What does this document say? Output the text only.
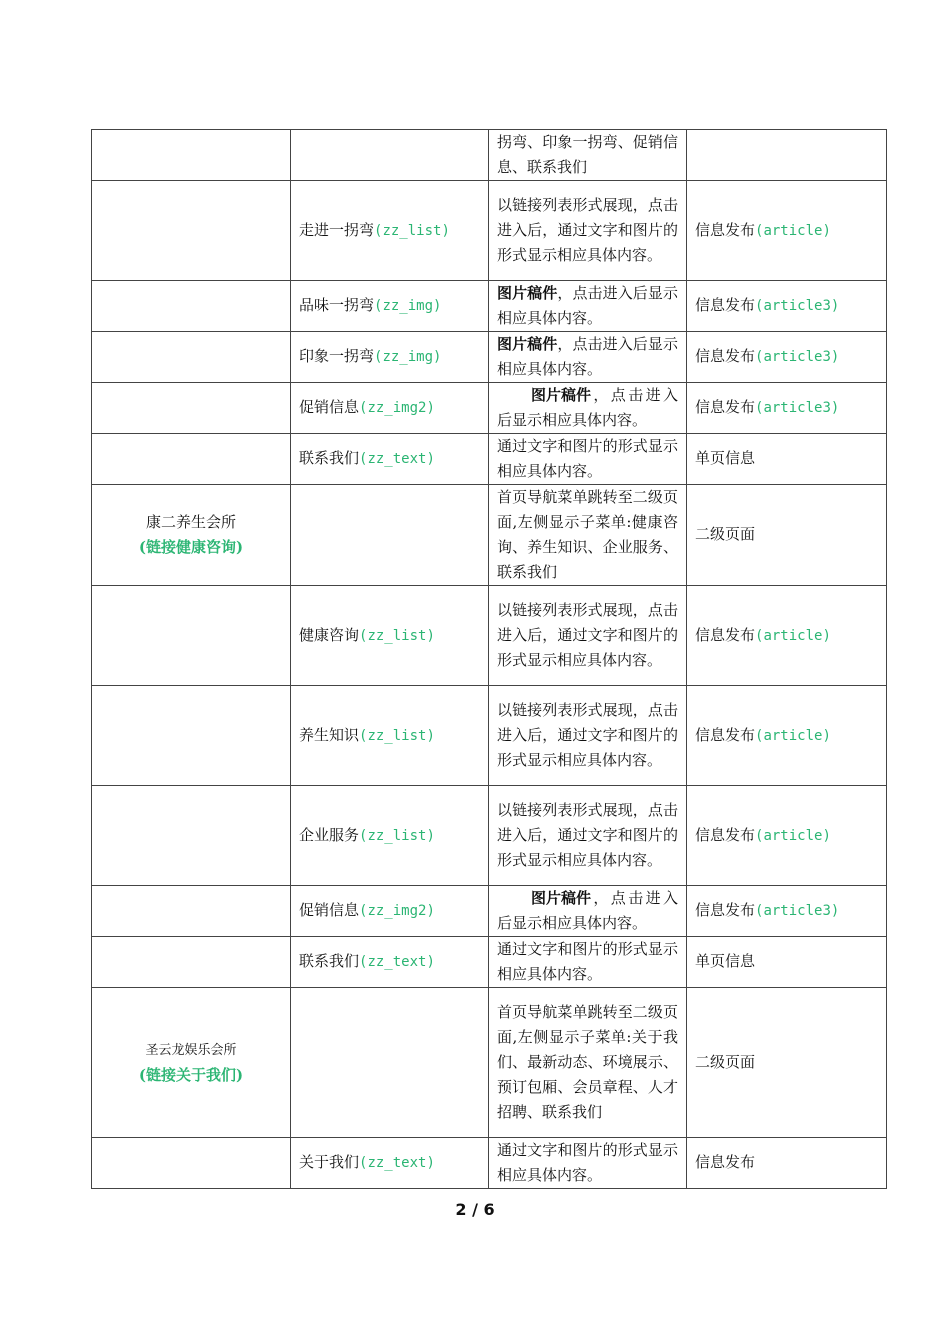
		拐弯、印象一拐弯、促销信息、联系我们	

	走进一拐弯(zz_list)	以链接列表形式展现，点击进入后，通过文字和图片的形式显示相应具体内容。	信息发布(article)

	品味一拐弯(zz_img)	图片稿件，点击进入后显示相应具体内容。	信息发布(article3)

	印象一拐弯(zz_img)	图片稿件，点击进入后显示相应具体内容。	信息发布(article3)

	促销信息(zz_img2)	图片稿件，点击进入后显示相应具体内容。	信息发布(article3)

	联系我们(zz_text)	通过文字和图片的形式显示相应具体内容。	单页信息
康二养生会所
(链接健康咨询)		首页导航菜单跳转至二级页面,左侧显示子菜单:健康咨询、养生知识、企业服务、联系我们	二级页面

	健康咨询(zz_list)	以链接列表形式展现，点击进入后，通过文字和图片的形式显示相应具体内容。	信息发布(article)

	养生知识(zz_list)	以链接列表形式展现，点击进入后，通过文字和图片的形式显示相应具体内容。	信息发布(article)

	企业服务(zz_list)	以链接列表形式展现，点击进入后，通过文字和图片的形式显示相应具体内容。	信息发布(article)

	促销信息(zz_img2)	图片稿件，点击进入后显示相应具体内容。	信息发布(article3)

	联系我们(zz_text)	通过文字和图片的形式显示相应具体内容。	单页信息
圣云龙娱乐会所
(链接关于我们)		首页导航菜单跳转至二级页面,左侧显示子菜单:关于我们、最新动态、环境展示、预订包厢、会员章程、人才招聘、联系我们	二级页面

	关于我们(zz_text)	通过文字和图片的形式显示相应具体内容。	信息发布
2 / 6
